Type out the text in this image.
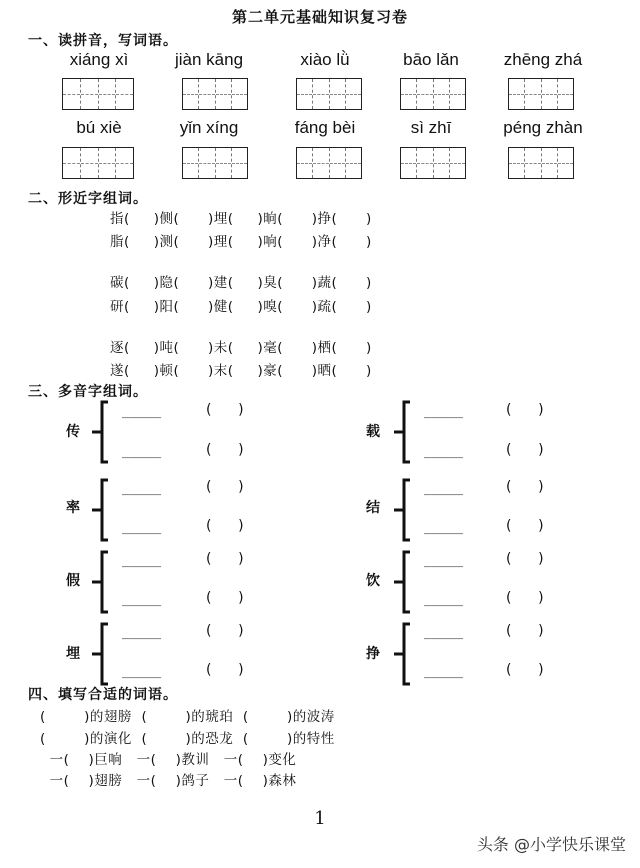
第二单元基础知识复习卷
一、读拼音，写词语。
xiáng xì	jiàn kāng	xiào lǜ	bāo lǎn	zhēng zhá
bú xiè	yǐn xíng	fáng bèi	sì zhī	péng zhàn
二、形近字组词。
指(     )侧(      )埋(     )晌(      )挣(      )
脂(     )测(      )理(     )响(      )净(      )
碳(     )隐(      )建(     )臭(      )蔬(      )
研(     )阳(      )健(     )嗅(      )疏(      )
逐(     )吨(      )未(     )毫(      )栖(      )
遂(     )顿(      )末(     )豪(      )晒(      )
三、多音字组词。
传
_____	(      )
_____	(      )
率
_____	(      )
_____	(      )
假
_____	(      )
_____	(      )
埋
_____	(      )
_____	(      )
载
_____	(      )
_____	(      )
结
_____	(      )
_____	(      )
饮
_____	(      )
_____	(      )
挣
_____	(      )
_____	(      )
四、填写合适的词语。
(        )的翅膀  (        )的琥珀  (        )的波涛
(        )的演化  (        )的恐龙  (        )的特性
一(    )巨响   一(    )教训   一(    )变化
一(    )翅膀   一(    )鸽子   一(    )森林
1
头条 @小学快乐课堂
